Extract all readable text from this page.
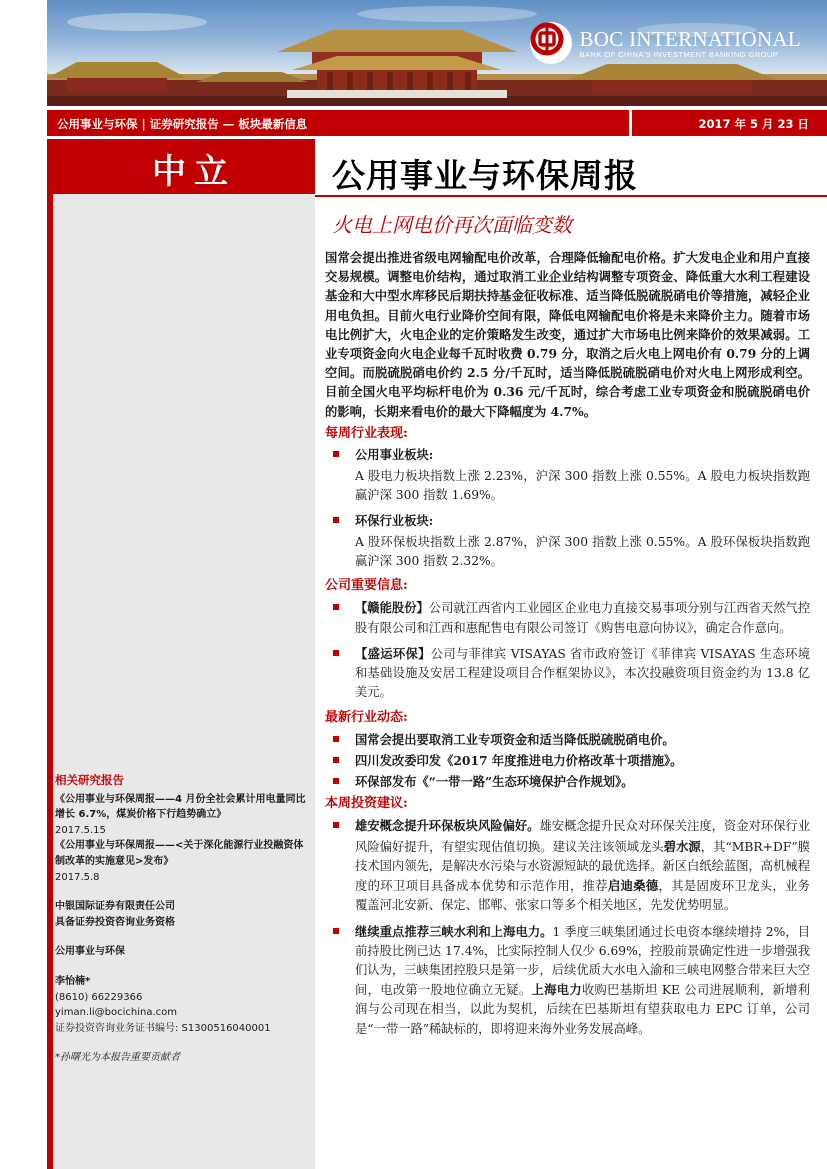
BOC INTERNATIONAL
BANK OF CHINA'S INVESTMENT BANKING GROUP
公用事业与环保 | 证券研究报告 — 板块最新信息	2017 年 5 月 23 日
中立	公用事业与环保周报
火电上网电价再次面临变数

国常会提出推进省级电网输配电价改革，合理降低输配电价格。扩大发电企业和用户直接交易规模。调整电价结构，通过取消工业企业结构调整专项资金、降低重大水利工程建设基金和大中型水库移民后期扶持基金征收标准、适当降低脱硫脱硝电价等措施，减轻企业用电负担。目前火电行业降价空间有限，降低电网输配电价将是未来降价主力。随着市场电比例扩大，火电企业的定价策略发生改变，通过扩大市场电比例来降价的效果减弱。工业专项资金向火电企业每千瓦时收费 0.79 分，取消之后火电上网电价有 0.79 分的上调空间。而脱硫脱硝电价约 2.5 分/千瓦时，适当降低脱硫脱硝电价对火电上网形成利空。目前全国火电平均标杆电价为 0.36 元/千瓦时，综合考虑工业专项资金和脱硫脱硝电价的影响，长期来看电价的最大下降幅度为 4.7%。

每周行业表现:
公用事业板块:
A 股电力板块指数上涨 2.23%，沪深 300 指数上涨 0.55%。A 股电力板块指数跑赢沪深 300 指数 1.69%。
环保行业板块:
A 股环保板块指数上涨 2.87%，沪深 300 指数上涨 0.55%。A 股环保板块指数跑赢沪深 300 指数 2.32%。
公司重要信息:
【赣能股份】公司就江西省内工业园区企业电力直接交易事项分别与江西省天然气控股有限公司和江西和惠配售电有限公司签订《购售电意向协议》，确定合作意向。
【盛运环保】公司与菲律宾 VISAYAS 省市政府签订《菲律宾 VISAYAS 生态环境和基础设施及安居工程建设项目合作框架协议》，本次投融资项目资金约为 13.8 亿美元。
最新行业动态:
国常会提出要取消工业专项资金和适当降低脱硫脱硝电价。
四川发改委印发《2017 年度推进电力价格改革十项措施》。
环保部发布《“一带一路”生态环境保护合作规划》。
本周投资建议:
雄安概念提升环保板块风险偏好。雄安概念提升民众对环保关注度，资金对环保行业风险偏好提升，有望实现估值切换。建议关注该领域龙头碧水源，其“MBR+DF”膜技术国内领先，是解决水污染与水资源短缺的最优选择。新区白纸绘蓝图，高机械程度的环卫项目具备成本优势和示范作用，推荐启迪桑德，其是固废环卫龙头，业务覆盖河北安新、保定、邯郸、张家口等多个相关地区，先发优势明显。
继续重点推荐三峡水利和上海电力。1 季度三峡集团通过长电资本继续增持 2%，目前持股比例已达 17.4%，比实际控制人仅少 6.69%，控股前景确定性进一步增强我们认为，三峡集团控股只是第一步，后续优质大水电入渝和三峡电网整合带来巨大空间，电改第一股地位确立无疑。上海电力收购巴基斯坦 KE 公司进展顺利，新增利润与公司现在相当，以此为契机，后续在巴基斯坦有望获取电力 EPC 订单，公司是“一带一路”稀缺标的，即将迎来海外业务发展高峰。
相关研究报告
《公用事业与环保周报——4 月份全社会累计用电量同比增长 6.7%，煤炭价格下行趋势确立》
2017.5.15
《公用事业与环保周报——<关于深化能源行业投融资体制改革的实施意见>发布》
2017.5.8
中银国际证券有限责任公司
具备证券投资咨询业务资格
公用事业与环保
李怡楠*
(8610) 66229366
yiman.li@bocichina.com
证券投资咨询业务证书编号: S1300516040001
*孙曙光为本报告重要贡献者
